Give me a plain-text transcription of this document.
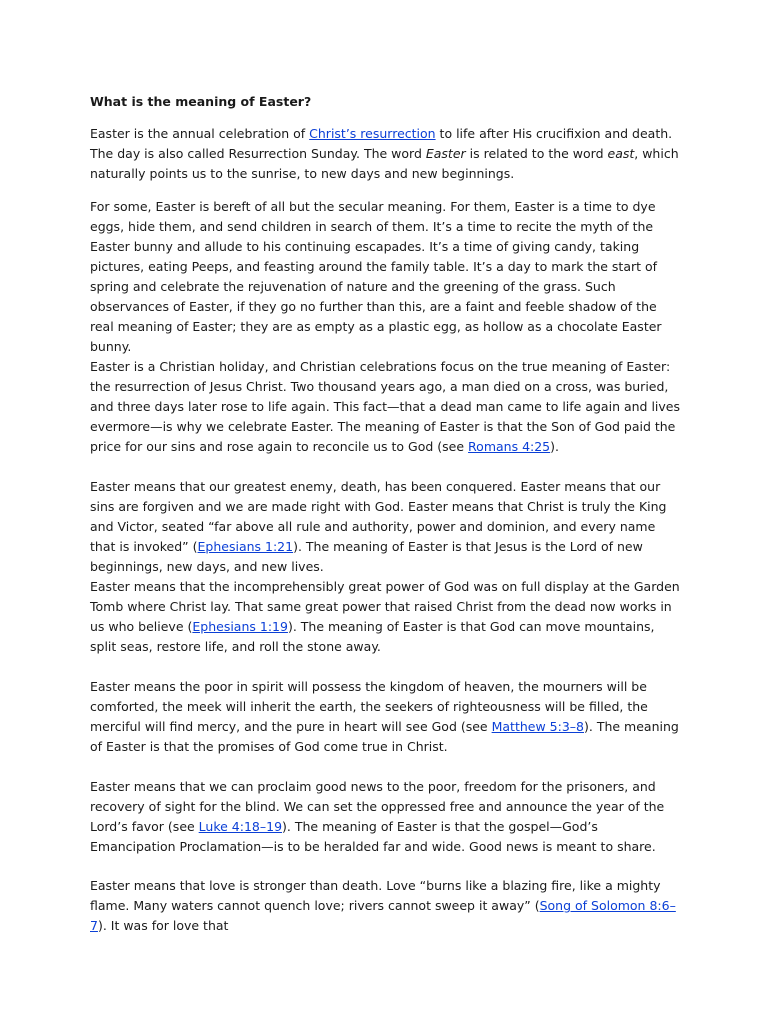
What is the meaning of Easter?

Easter is the annual celebration of Christ’s resurrection to life after His crucifixion and death. The day is also called Resurrection Sunday. The word Easter is related to the word east, which naturally points us to the sunrise, to new days and new beginnings.

For some, Easter is bereft of all but the secular meaning. For them, Easter is a time to dye eggs, hide them, and send children in search of them. It’s a time to recite the myth of the Easter bunny and allude to his continuing escapades. It’s a time of giving candy, taking pictures, eating Peeps, and feasting around the family table. It’s a day to mark the start of spring and celebrate the rejuvenation of nature and the greening of the grass. Such observances of Easter, if they go no further than this, are a faint and feeble shadow of the real meaning of Easter; they are as empty as a plastic egg, as hollow as a chocolate Easter bunny.

Easter is a Christian holiday, and Christian celebrations focus on the true meaning of Easter: the resurrection of Jesus Christ. Two thousand years ago, a man died on a cross, was buried, and three days later rose to life again. This fact—that a dead man came to life again and lives evermore—is why we celebrate Easter. The meaning of Easter is that the Son of God paid the price for our sins and rose again to reconcile us to God (see Romans 4:25).

Easter means that our greatest enemy, death, has been conquered. Easter means that our sins are forgiven and we are made right with God. Easter means that Christ is truly the King and Victor, seated “far above all rule and authority, power and dominion, and every name that is invoked” (Ephesians 1:21). The meaning of Easter is that Jesus is the Lord of new beginnings, new days, and new lives.

Easter means that the incomprehensibly great power of God was on full display at the Garden Tomb where Christ lay. That same great power that raised Christ from the dead now works in us who believe (Ephesians 1:19). The meaning of Easter is that God can move mountains, split seas, restore life, and roll the stone away.

Easter means the poor in spirit will possess the kingdom of heaven, the mourners will be comforted, the meek will inherit the earth, the seekers of righteousness will be filled, the merciful will find mercy, and the pure in heart will see God (see Matthew 5:3–8). The meaning of Easter is that the promises of God come true in Christ.

Easter means that we can proclaim good news to the poor, freedom for the prisoners, and recovery of sight for the blind. We can set the oppressed free and announce the year of the Lord’s favor (see Luke 4:18–19). The meaning of Easter is that the gospel—God’s Emancipation Proclamation—is to be heralded far and wide. Good news is meant to share.

Easter means that love is stronger than death. Love “burns like a blazing fire, like a mighty flame. Many waters cannot quench love; rivers cannot sweep it away” (Song of Solomon 8:6–7). It was for love that
